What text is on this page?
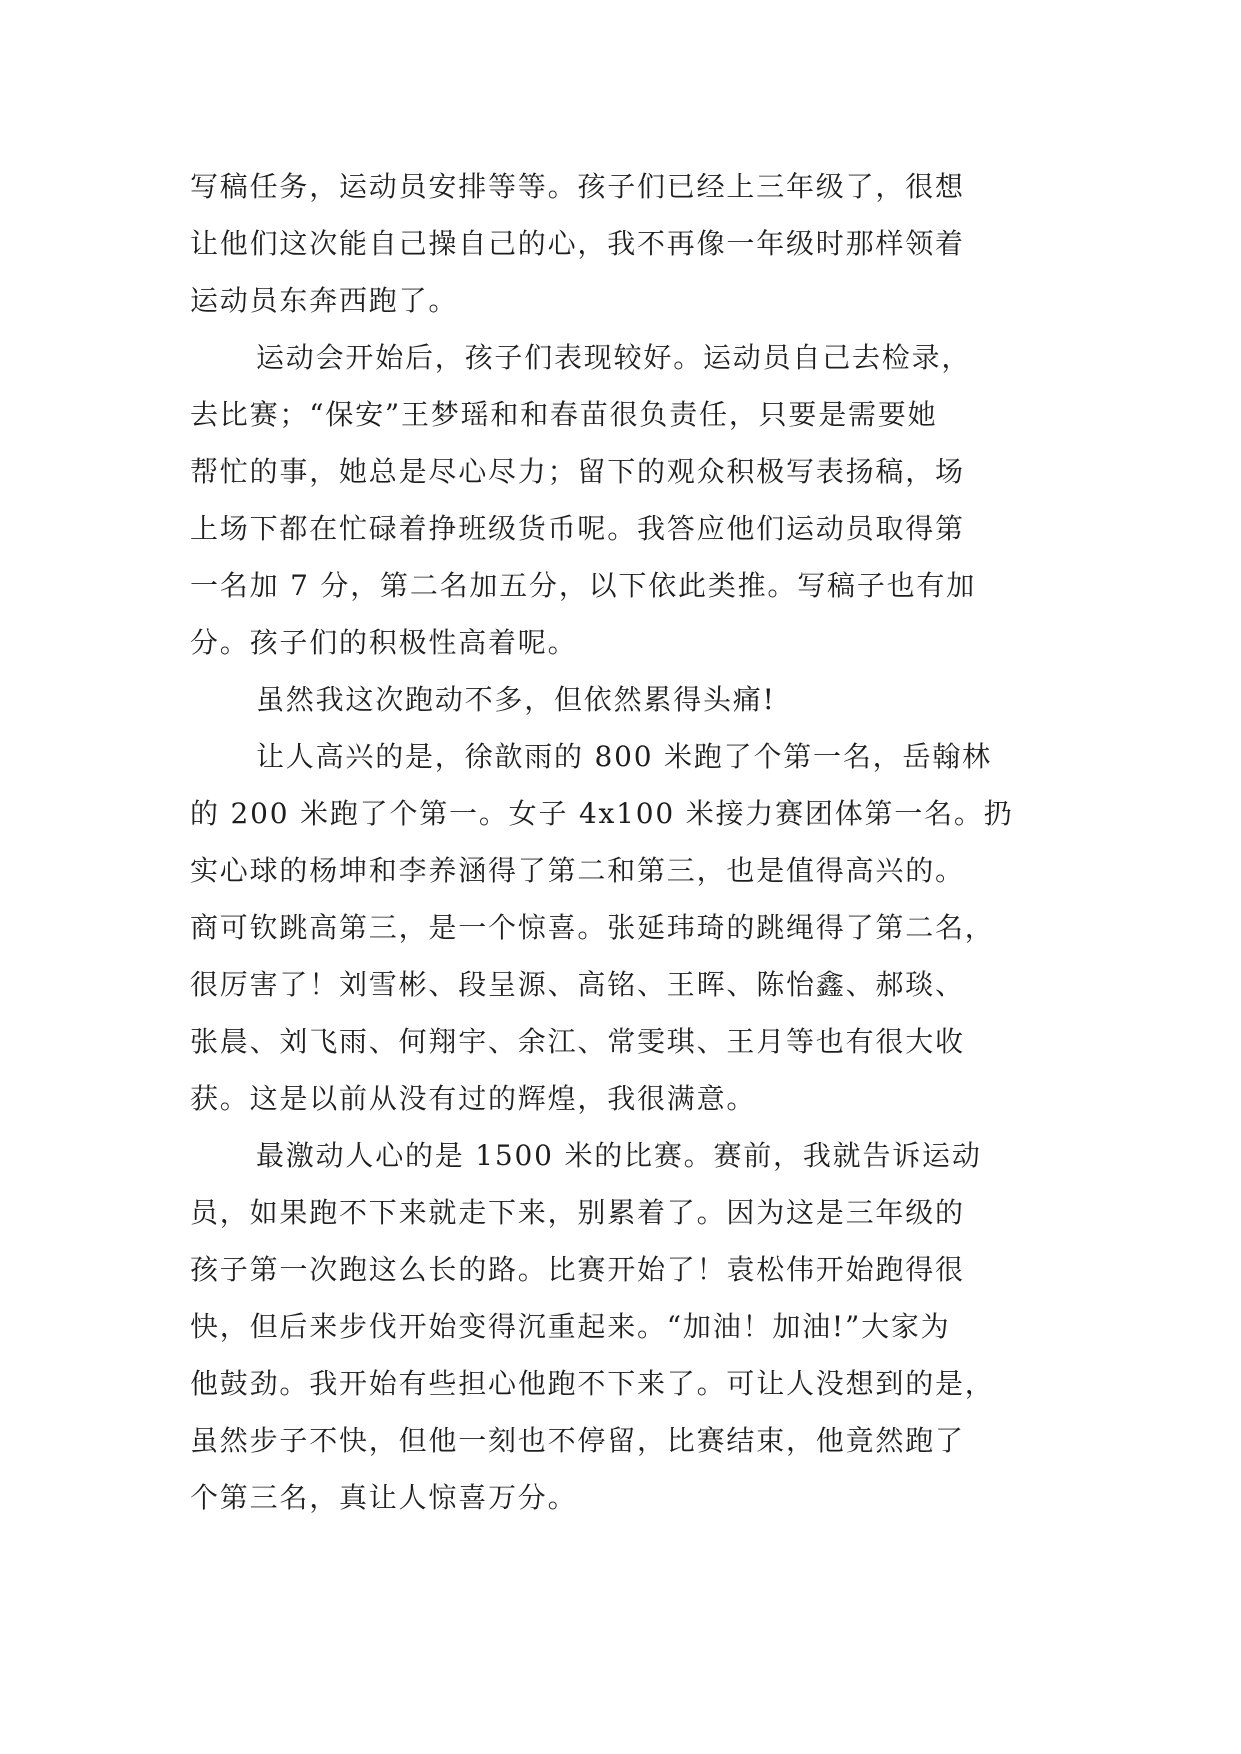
写稿任务，运动员安排等等。孩子们已经上三年级了，很想
让他们这次能自己操自己的心，我不再像一年级时那样领着
运动员东奔西跑了。
运动会开始后，孩子们表现较好。运动员自己去检录，
去比赛；“保安”王梦瑶和和春苗很负责任，只要是需要她
帮忙的事，她总是尽心尽力；留下的观众积极写表扬稿，场
上场下都在忙碌着挣班级货币呢。我答应他们运动员取得第
一名加 7 分，第二名加五分，以下依此类推。写稿子也有加
分。孩子们的积极性高着呢。
虽然我这次跑动不多，但依然累得头痛!
让人高兴的是，徐歆雨的 800 米跑了个第一名，岳翰林
的 200 米跑了个第一。女子 4x100 米接力赛团体第一名。扔
实心球的杨坤和李养涵得了第二和第三，也是值得高兴的。
商可钦跳高第三，是一个惊喜。张延玮琦的跳绳得了第二名，
很厉害了！刘雪彬、段呈源、高铭、王晖、陈怡鑫、郝琰、
张晨、刘飞雨、何翔宇、余江、常雯琪、王月等也有很大收
获。这是以前从没有过的辉煌，我很满意。
最激动人心的是 1500 米的比赛。赛前，我就告诉运动
员，如果跑不下来就走下来，别累着了。因为这是三年级的
孩子第一次跑这么长的路。比赛开始了！袁松伟开始跑得很
快，但后来步伐开始变得沉重起来。“加油！加油!”大家为
他鼓劲。我开始有些担心他跑不下来了。可让人没想到的是，
虽然步子不快，但他一刻也不停留，比赛结束，他竟然跑了
个第三名，真让人惊喜万分。
